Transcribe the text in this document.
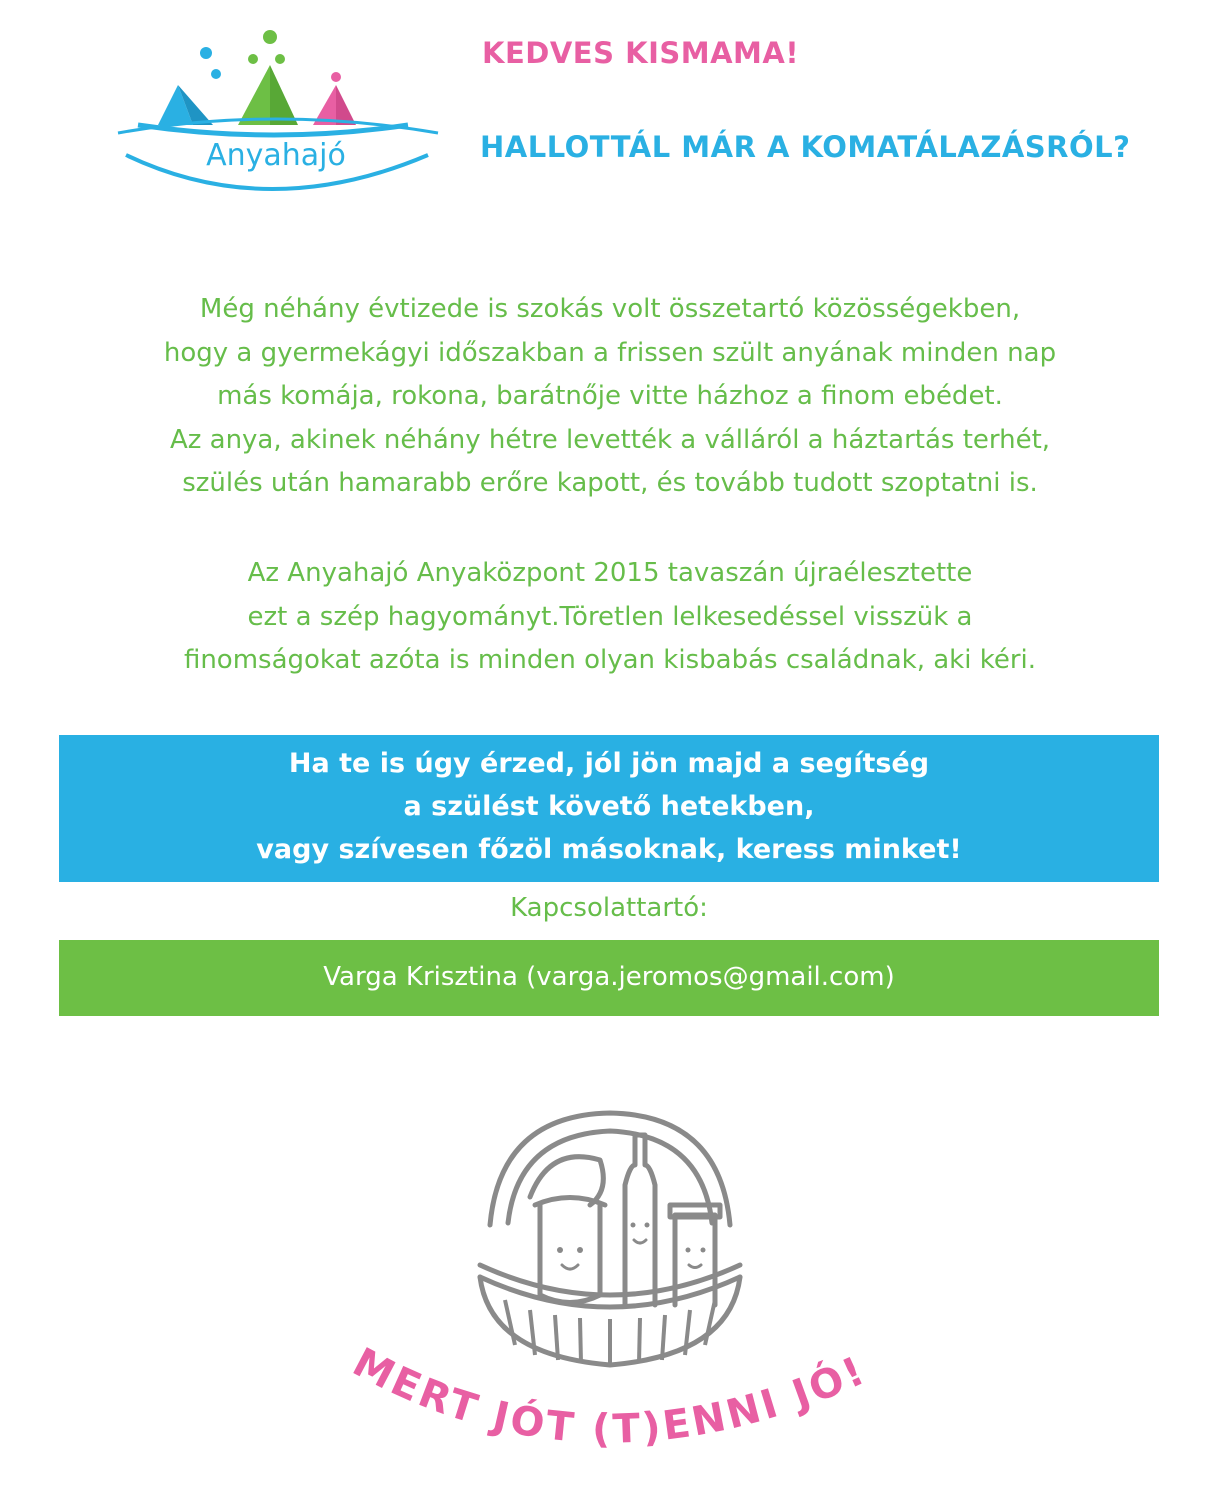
Anyahajó
KEDVES KISMAMA!
HALLOTTÁL MÁR A KOMATÁLAZÁSRÓL?
Még néhány évtizede is szokás volt összetartó közösségekben,
hogy a gyermekágyi időszakban a frissen szült anyának minden nap
más komája, rokona, barátnője vitte házhoz a finom ebédet.
Az anya, akinek néhány hétre levették a válláról a háztartás terhét,
szülés után hamarabb erőre kapott, és tovább tudott szoptatni is.
Az Anyahajó Anyaközpont 2015 tavaszán újraélesztette
ezt a szép hagyományt.Töretlen lelkesedéssel visszük a
finomságokat azóta is minden olyan kisbabás családnak, aki kéri.
Ha te is úgy érzed, jól jön majd a segítség
a szülést követő hetekben,
vagy szívesen főzöl másoknak, keress minket!
Kapcsolattartó:
Varga Krisztina (varga.jeromos@gmail.com)
MERT JÓT (T)ENNI JÓ!
